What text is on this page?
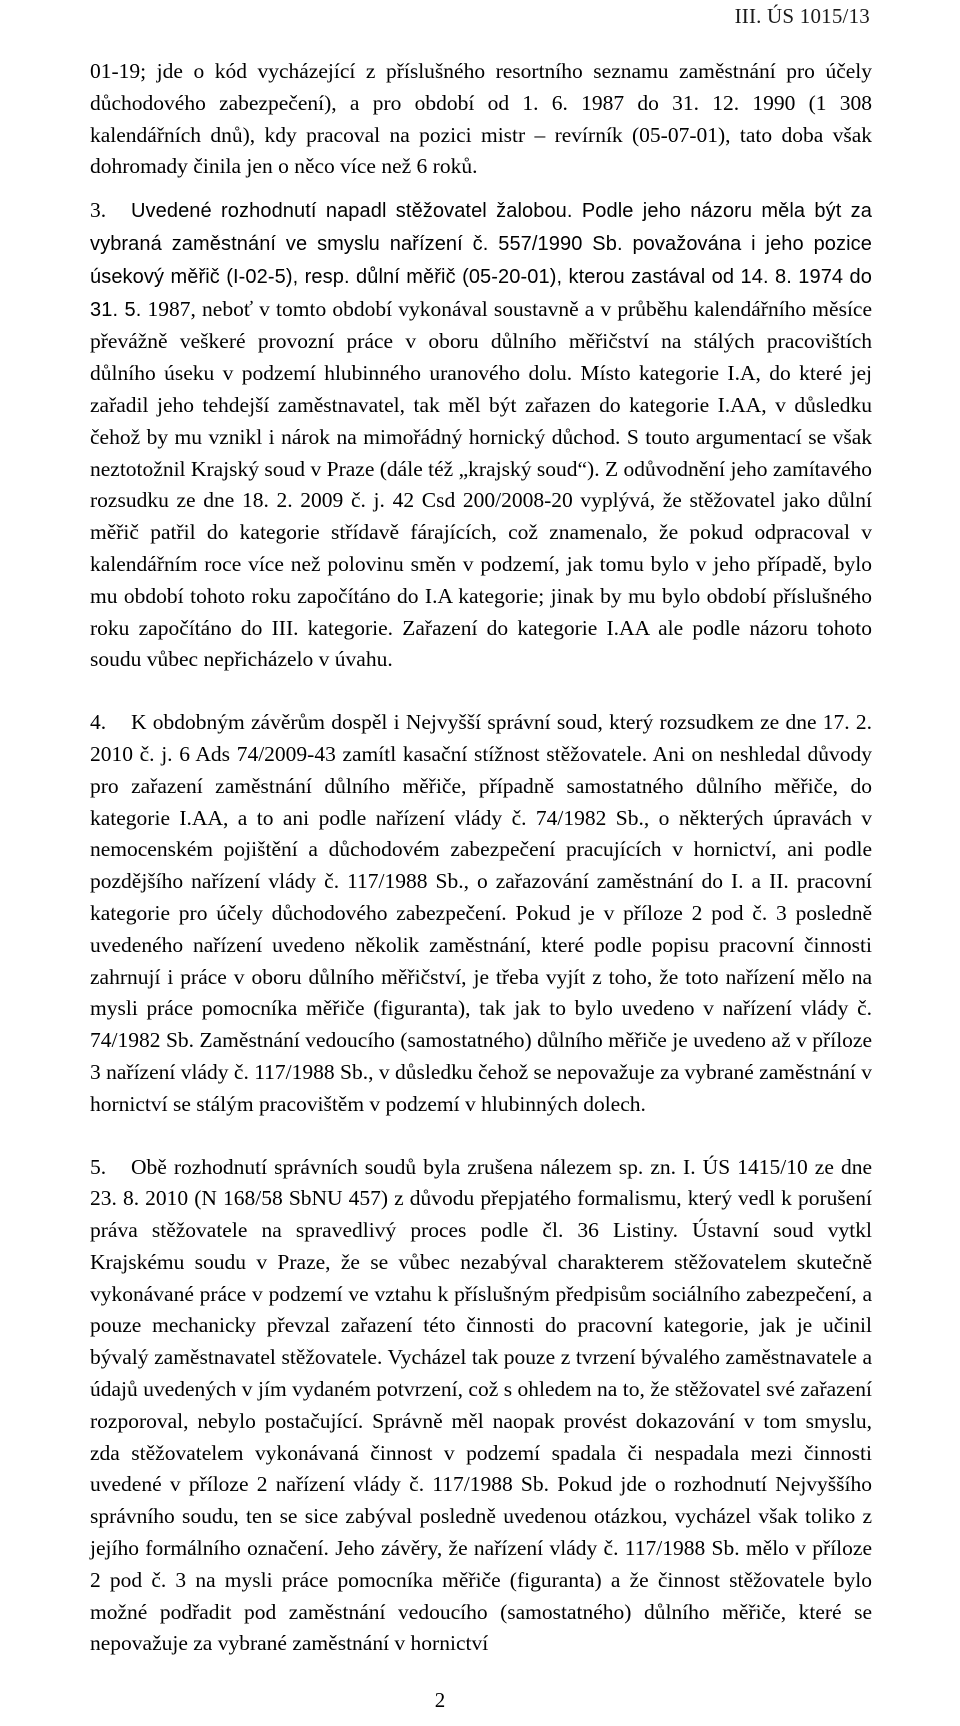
III. ÚS 1015/13

01-19; jde o kód vycházející z příslušného resortního seznamu zaměstnání pro účely důchodového zabezpečení), a pro období od 1. 6. 1987 do 31. 12. 1990 (1 308 kalendářních dnů), kdy pracoval na pozici mistr – revírník (05-07-01), tato doba však dohromady činila jen o něco více než 6 roků.

3. Uvedené rozhodnutí napadl stěžovatel žalobou. Podle jeho názoru měla být za vybraná zaměstnání ve smyslu nařízení č. 557/1990 Sb. považována i jeho pozice úsekový měřič (I-02-5), resp. důlní měřič (05-20-01), kterou zastával od 14. 8. 1974 do 31. 5. 1987, neboť v tomto období vykonával soustavně a v průběhu kalendářního měsíce převážně veškeré provozní práce v oboru důlního měřičství na stálých pracovištích důlního úseku v podzemí hlubinného uranového dolu. Místo kategorie I.A, do které jej zařadil jeho tehdejší zaměstnavatel, tak měl být zařazen do kategorie I.AA, v důsledku čehož by mu vznikl i nárok na mimořádný hornický důchod. S touto argumentací se však neztotožnil Krajský soud v Praze (dále též „krajský soud“). Z odůvodnění jeho zamítavého rozsudku ze dne 18. 2. 2009 č. j. 42 Csd 200/2008-20 vyplývá, že stěžovatel jako důlní měřič patřil do kategorie střídavě fárajících, což znamenalo, že pokud odpracoval v kalendářním roce více než polovinu směn v podzemí, jak tomu bylo v jeho případě, bylo mu období tohoto roku započítáno do I.A kategorie; jinak by mu bylo období příslušného roku započítáno do III. kategorie. Zařazení do kategorie I.AA ale podle názoru tohoto soudu vůbec nepřicházelo v úvahu.

4. K obdobným závěrům dospěl i Nejvyšší správní soud, který rozsudkem ze dne 17. 2. 2010 č. j. 6 Ads 74/2009-43 zamítl kasační stížnost stěžovatele. Ani on neshledal důvody pro zařazení zaměstnání důlního měřiče, případně samostatného důlního měřiče, do kategorie I.AA, a to ani podle nařízení vlády č. 74/1982 Sb., o některých úpravách v nemocenském pojištění a důchodovém zabezpečení pracujících v hornictví, ani podle pozdějšího nařízení vlády č. 117/1988 Sb., o zařazování zaměstnání do I. a II. pracovní kategorie pro účely důchodového zabezpečení. Pokud je v příloze 2 pod č. 3 posledně uvedeného nařízení uvedeno několik zaměstnání, které podle popisu pracovní činnosti zahrnují i práce v oboru důlního měřičství, je třeba vyjít z toho, že toto nařízení mělo na mysli práce pomocníka měřiče (figuranta), tak jak to bylo uvedeno v nařízení vlády č. 74/1982 Sb. Zaměstnání vedoucího (samostatného) důlního měřiče je uvedeno až v příloze 3 nařízení vlády č. 117/1988 Sb., v důsledku čehož se nepovažuje za vybrané zaměstnání v hornictví se stálým pracovištěm v podzemí v hlubinných dolech.

5. Obě rozhodnutí správních soudů byla zrušena nálezem sp. zn. I. ÚS 1415/10 ze dne 23. 8. 2010 (N 168/58 SbNU 457) z důvodu přepjatého formalismu, který vedl k porušení práva stěžovatele na spravedlivý proces podle čl. 36 Listiny. Ústavní soud vytkl Krajskému soudu v Praze, že se vůbec nezabýval charakterem stěžovatelem skutečně vykonávané práce v podzemí ve vztahu k příslušným předpisům sociálního zabezpečení, a pouze mechanicky převzal zařazení této činnosti do pracovní kategorie, jak je učinil bývalý zaměstnavatel stěžovatele. Vycházel tak pouze z tvrzení bývalého zaměstnavatele a údajů uvedených v jím vydaném potvrzení, což s ohledem na to, že stěžovatel své zařazení rozporoval, nebylo postačující. Správně měl naopak provést dokazování v tom smyslu, zda stěžovatelem vykonávaná činnost v podzemí spadala či nespadala mezi činnosti uvedené v příloze 2 nařízení vlády č. 117/1988 Sb. Pokud jde o rozhodnutí Nejvyššího správního soudu, ten se sice zabýval posledně uvedenou otázkou, vycházel však toliko z jejího formálního označení. Jeho závěry, že nařízení vlády č. 117/1988 Sb. mělo v příloze 2 pod č. 3 na mysli práce pomocníka měřiče (figuranta) a že činnost stěžovatele bylo možné podřadit pod zaměstnání vedoucího (samostatného) důlního měřiče, které se nepovažuje za vybrané zaměstnání v hornictví

2
